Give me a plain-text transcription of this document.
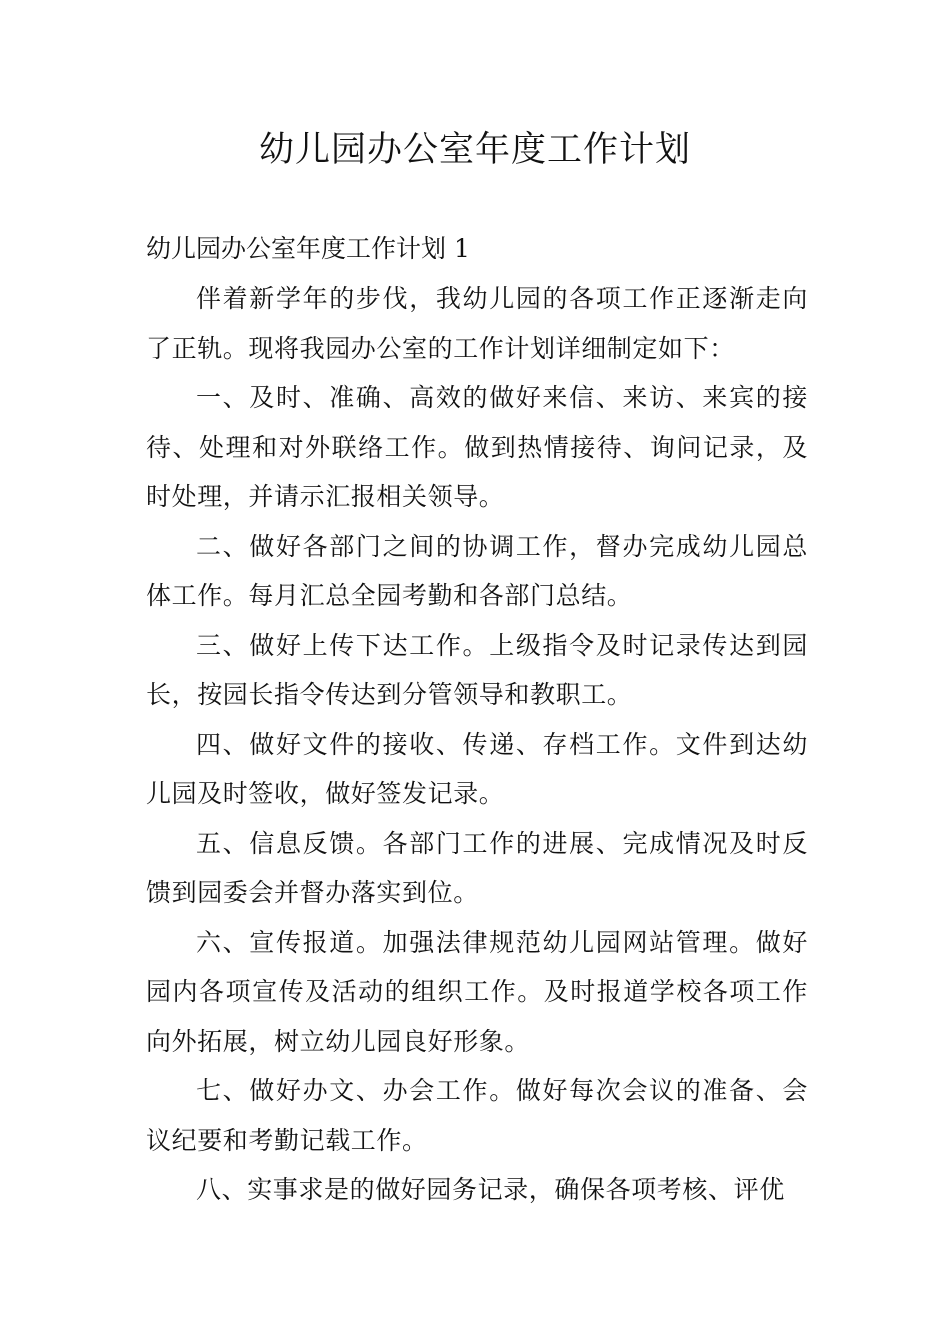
幼儿园办公室年度工作计划
幼儿园办公室年度工作计划 1

伴着新学年的步伐，我幼儿园的各项工作正逐渐走向了正轨。现将我园办公室的工作计划详细制定如下：

一、及时、准确、高效的做好来信、来访、来宾的接待、处理和对外联络工作。做到热情接待、询问记录，及时处理，并请示汇报相关领导。

二、做好各部门之间的协调工作，督办完成幼儿园总体工作。每月汇总全园考勤和各部门总结。

三、做好上传下达工作。上级指令及时记录传达到园长，按园长指令传达到分管领导和教职工。

四、做好文件的接收、传递、存档工作。文件到达幼儿园及时签收，做好签发记录。

五、信息反馈。各部门工作的进展、完成情况及时反馈到园委会并督办落实到位。

六、宣传报道。加强法律规范幼儿园网站管理。做好园内各项宣传及活动的组织工作。及时报道学校各项工作向外拓展，树立幼儿园良好形象。

七、做好办文、办会工作。做好每次会议的准备、会议纪要和考勤记载工作。

八、实事求是的做好园务记录，确保各项考核、评优
